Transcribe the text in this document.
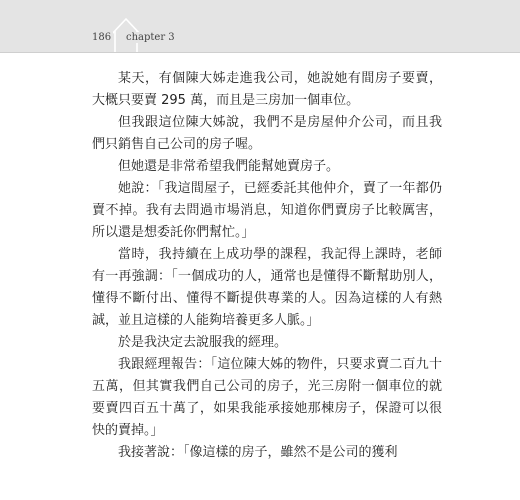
186 chapter 3

某天，有個陳大姊走進我公司，她說她有間房子要賣，大概只要賣 295 萬，而且是三房加一個車位。

但我跟這位陳大姊說，我們不是房屋仲介公司，而且我們只銷售自己公司的房子喔。

但她還是非常希望我們能幫她賣房子。

她說：「我這間屋子，已經委託其他仲介，賣了一年都仍賣不掉。我有去問過市場消息，知道你們賣房子比較厲害，所以還是想委託你們幫忙。」

當時，我持續在上成功學的課程，我記得上課時，老師有一再強調：「一個成功的人，通常也是懂得不斷幫助別人，懂得不斷付出、懂得不斷提供專業的人。因為這樣的人有熱誠，並且這樣的人能夠培養更多人脈。」

於是我決定去說服我的經理。

我跟經理報告：「這位陳大姊的物件，只要求賣二百九十五萬，但其實我們自己公司的房子，光三房附一個車位的就要賣四百五十萬了，如果我能承接她那棟房子，保證可以很快的賣掉。」

我接著說：「像這樣的房子，雖然不是公司的獲利
